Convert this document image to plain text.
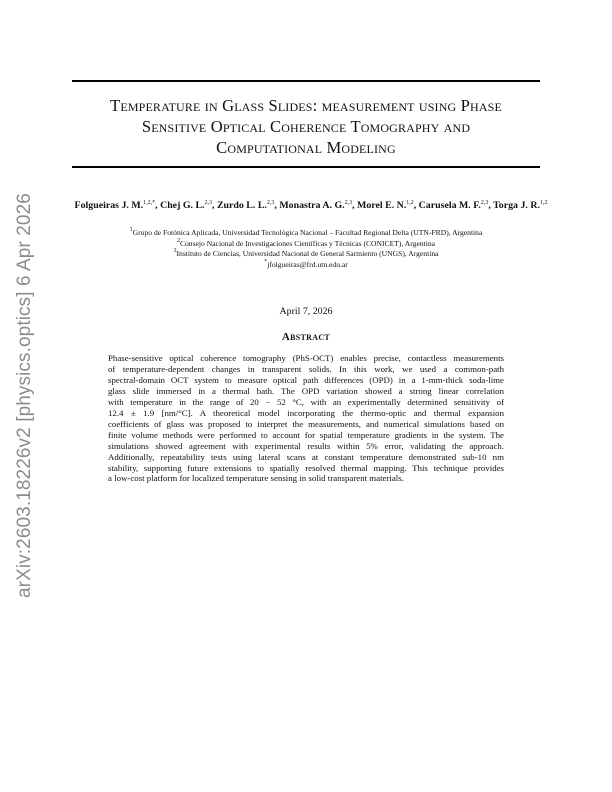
arXiv:2603.18226v2 [physics.optics] 6 Apr 2026
Temperature in Glass Slides: measurement using Phase
Sensitive Optical Coherence Tomography and
Computational Modeling
Folgueiras J. M.$^{1,2,*}$, Chej G. L.$^{2,3}$, Zurdo L. L.$^{2,3}$, Monastra A. G.$^{2,3}$, Morel E. N.$^{1,2}$, Carusela M. F.$^{2,3}$, Torga J. R.$^{1,2}$
$^1$Grupo de Fotónica Aplicada, Universidad Tecnológica Nacional – Facultad Regional Delta (UTN-FRD), Argentina
$^2$Consejo Nacional de Investigaciones Científicas y Técnicas (CONICET), Argentina
$^3$Instituto de Ciencias, Universidad Nacional de General Sarmiento (UNGS), Argentina
*jfolgueiras@frd.utn.edu.ar
April 7, 2026
Abstract
Phase-sensitive optical coherence tomography (PhS-OCT) enables precise, contactless measurements
of temperature-dependent changes in transparent solids. In this work, we used a common-path
spectral-domain OCT system to measure optical path differences (OPD) in a 1-mm-thick soda-lime
glass slide immersed in a thermal bath. The OPD variation showed a strong linear correlation
with temperature in the range of 20 − 52 °C, with an experimentally determined sensitivity of
12.4 ± 1.9 [nm/°C]. A theoretical model incorporating the thermo-optic and thermal expansion
coefficients of glass was proposed to interpret the measurements, and numerical simulations based on
finite volume methods were performed to account for spatial temperature gradients in the system. The
simulations showed agreement with experimental results within 5% error, validating the approach.
Additionally, repeatability tests using lateral scans at constant temperature demonstrated sub-10 nm
stability, supporting future extensions to spatially resolved thermal mapping. This technique provides
a low-cost platform for localized temperature sensing in solid transparent materials.
